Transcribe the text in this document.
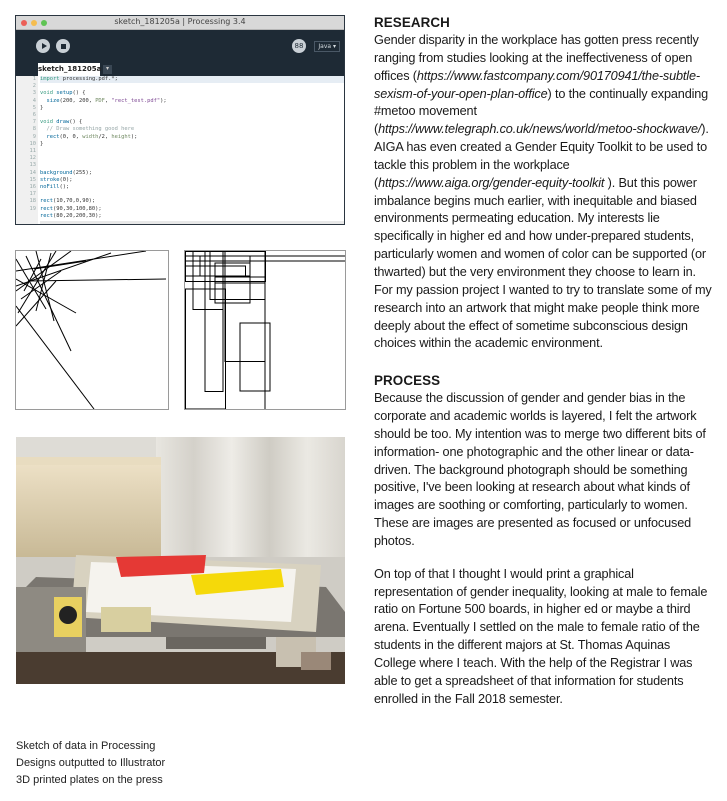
sketch_181205a | Processing 3.4
88	Java ▾
sketch_181205a ▾
1
2
3
4
5
6
7
8
9
10
11
12
13
14
15
16
17
18
19
import processing.pdf.*;

void setup() {
size(200, 200, PDF, "rect_test.pdf");
}

void draw() {
// Draw something good here
rect(0, 0, width/2, height);
}

background(255);
stroke(0);
noFill();

rect(10,70,0,90);
rect(90,30,100,80);
rect(80,20,200,30);
Sketch of data in Processing
Designs outputted to Illustrator
3D printed plates on the press
RESEARCH

Gender disparity in the workplace has gotten press recently ranging from studies looking at the ineffectiveness of open offices (https://www.fastcompany.com/90170941/the-subtle-sexism-of-your-open-plan-office) to the continually expanding #metoo movement (https://www.telegraph.co.uk/news/world/metoo-shockwave/). AIGA has even created a Gender Equity Toolkit to be used to tackle this problem in the workplace (https://www.aiga.org/gender-equity-toolkit ). But this power imbalance begins much earlier, with inequitable and biased environments permeating education. My interests lie specifically in higher ed and how under-prepared students, particularly women and women of color can be supported (or thwarted) but the very environment they choose to learn in. For my passion project I wanted to try to translate some of my research into an artwork that might make people think more deeply about the effect of sometime subconscious design choices within the academic environment.

PROCESS

Because the discussion of gender and gender bias in the corporate and academic worlds is layered, I felt the artwork should be too. My intention was to merge two different bits of information- one photographic and the other linear or data-driven. The background photograph should be something positive, I've been looking at research about what kinds of images are soothing or comforting, particularly to women. These are images are presented as focused or unfocused photos.

On top of that I thought I would print a graphical representation of gender inequality, looking at male to female ratio on Fortune 500 boards, in higher ed or maybe a third arena. Eventually I settled on the male to female ratio of the students in the different majors at St. Thomas Aquinas College where I teach. With the help of the Registrar I was able to get a spreadsheet of that information for students enrolled in the Fall 2018 semester.
